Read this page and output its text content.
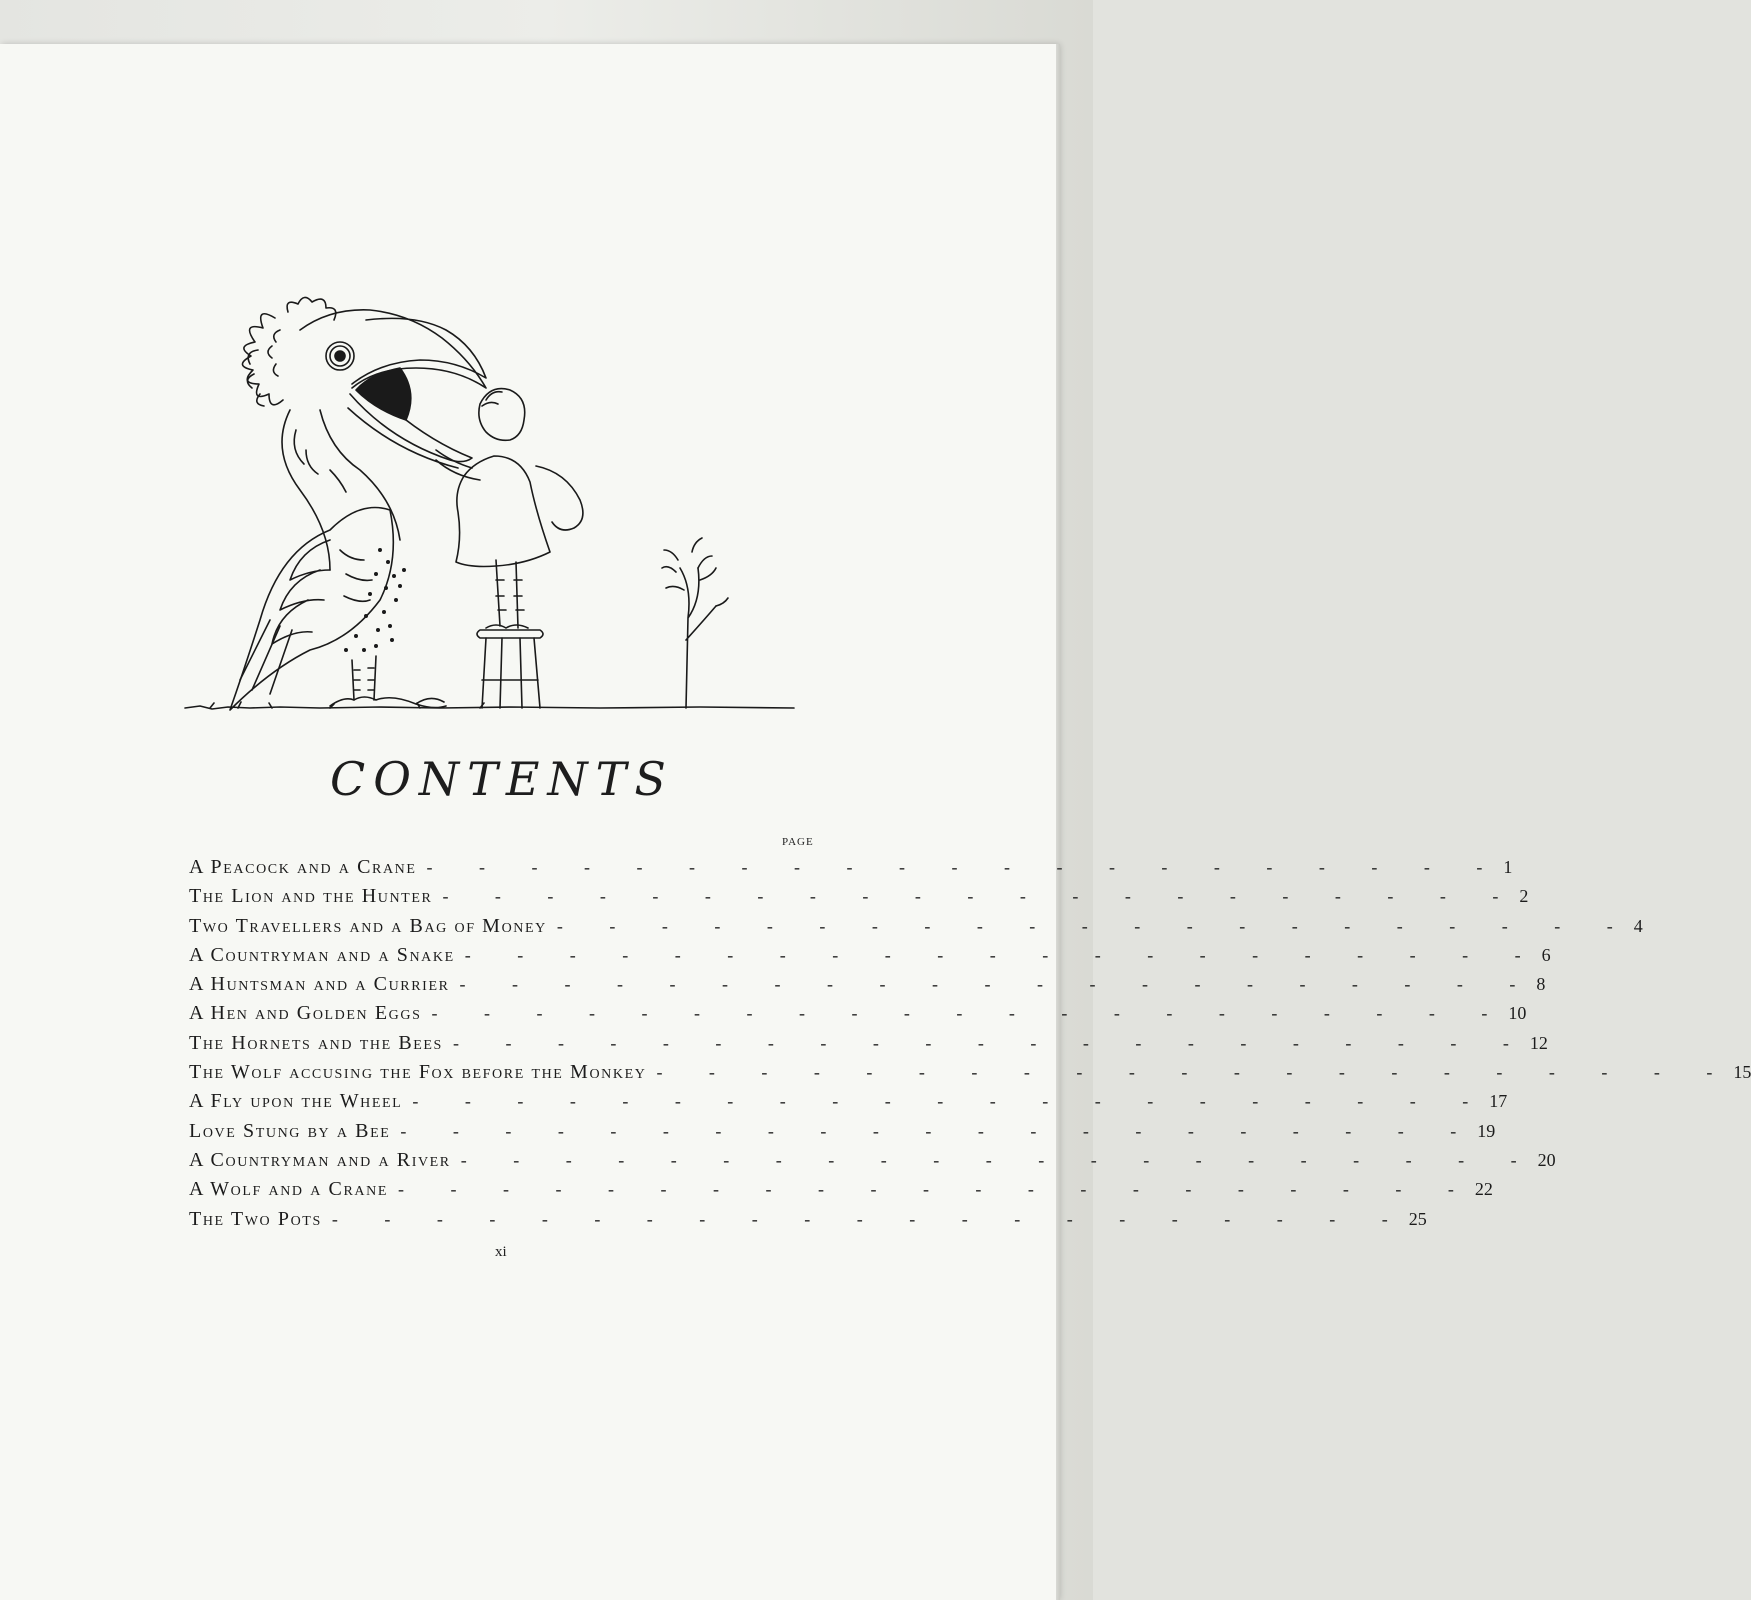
CONTENTS
PAGE
A Peacock and a Crane - - - - - - - - - - - - - - - - - - - - - 1
The Lion and the Hunter - - - - - - - - - - - - - - - - - - - - - 2
Two Travellers and a Bag of Money - - - - - - - - - - - - - - - - - - - - - 4
A Countryman and a Snake - - - - - - - - - - - - - - - - - - - - - 6
A Huntsman and a Currier - - - - - - - - - - - - - - - - - - - - - 8
A Hen and Golden Eggs - - - - - - - - - - - - - - - - - - - - - 10
The Hornets and the Bees - - - - - - - - - - - - - - - - - - - - - 12
The Wolf accusing the Fox before the Monkey - - - - - - - - - - - - - - - - - - - - - 15
A Fly upon the Wheel - - - - - - - - - - - - - - - - - - - - - 17
Love Stung by a Bee - - - - - - - - - - - - - - - - - - - - - 19
A Countryman and a River - - - - - - - - - - - - - - - - - - - - - 20
A Wolf and a Crane - - - - - - - - - - - - - - - - - - - - - 22
The Two Pots - - - - - - - - - - - - - - - - - - - - - 25
xi
